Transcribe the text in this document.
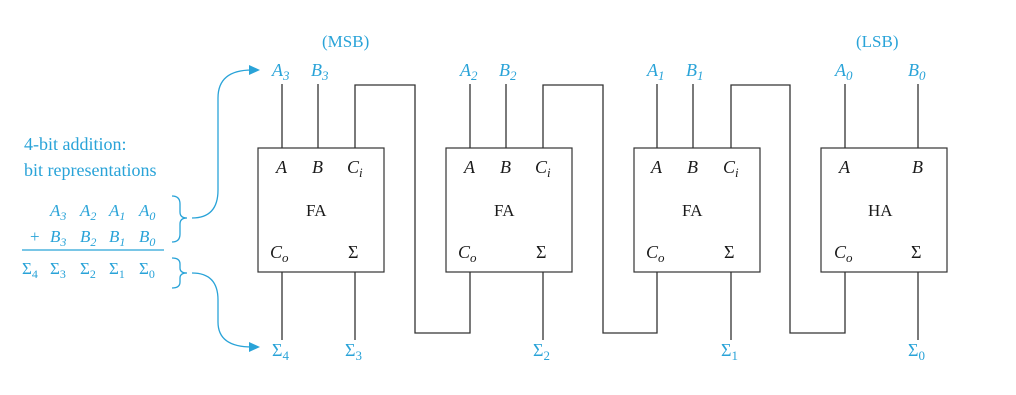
(MSB)	(LSB)
4-bit addition:
bit representations
$A_3$ $A_2$ $A_1$ $A_0$
+ $B_3$ $B_2$ $B_1$ $B_0$
$\Sigma_4$ $\Sigma_3$ $\Sigma_2$ $\Sigma_1$ $\Sigma_0$
$A_3$ $B_3$	$A_2$ $B_2$	$A_1$ $B_1$	$A_0$	$B_0$
A B $C_i$
FA
$C_o$	Σ
A B $C_i$
FA
$C_o$	Σ
A B $C_i$
FA
$C_o$	Σ
A	B
HA
$C_o$	Σ
$\Sigma_4$	$\Sigma_3$	$\Sigma_2$	$\Sigma_1$	$\Sigma_0$
